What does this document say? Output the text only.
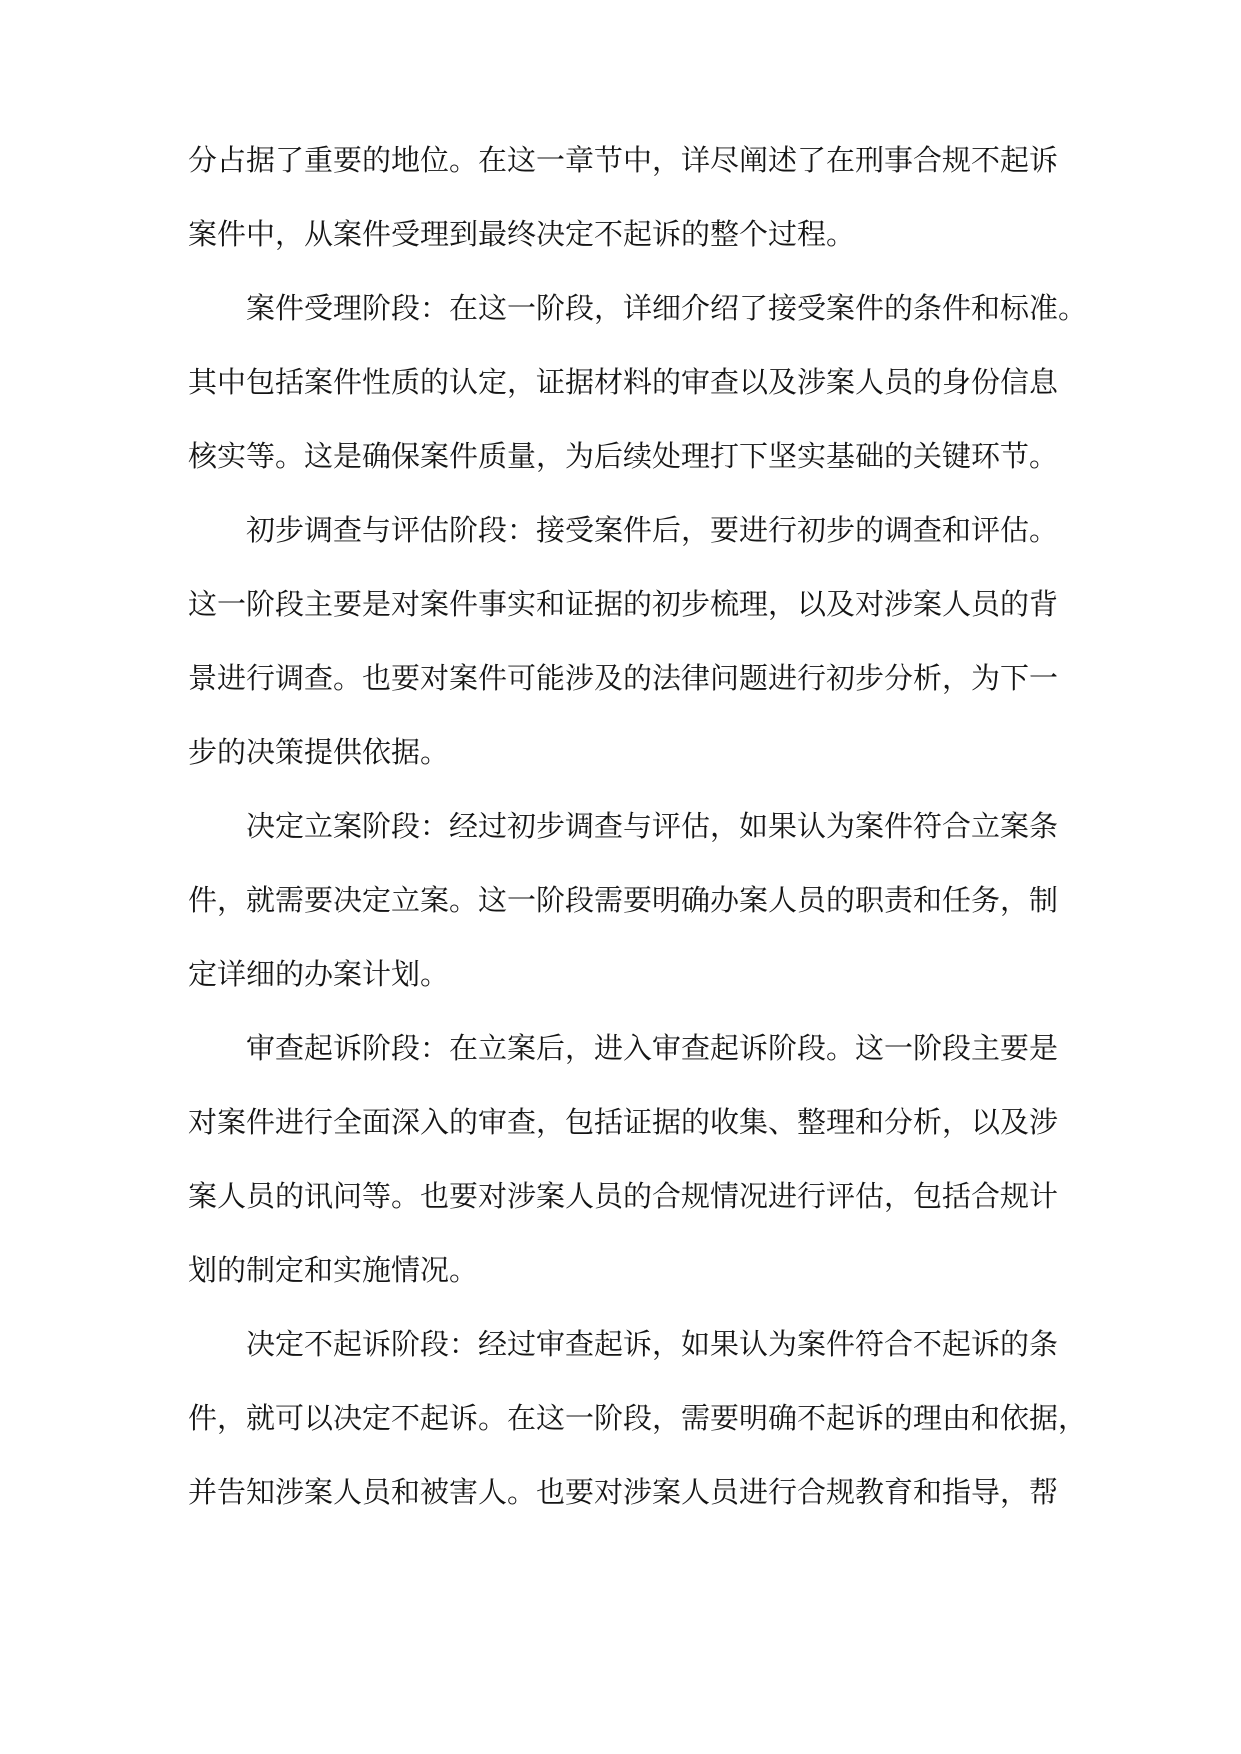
分占据了重要的地位。在这一章节中，详尽阐述了在刑事合规不起诉
案件中，从案件受理到最终决定不起诉的整个过程。
案件受理阶段：在这一阶段，详细介绍了接受案件的条件和标准。
其中包括案件性质的认定，证据材料的审查以及涉案人员的身份信息
核实等。这是确保案件质量，为后续处理打下坚实基础的关键环节。
初步调查与评估阶段：接受案件后，要进行初步的调查和评估。
这一阶段主要是对案件事实和证据的初步梳理，以及对涉案人员的背
景进行调查。也要对案件可能涉及的法律问题进行初步分析，为下一
步的决策提供依据。
决定立案阶段：经过初步调查与评估，如果认为案件符合立案条
件，就需要决定立案。这一阶段需要明确办案人员的职责和任务，制
定详细的办案计划。
审查起诉阶段：在立案后，进入审查起诉阶段。这一阶段主要是
对案件进行全面深入的审查，包括证据的收集、整理和分析，以及涉
案人员的讯问等。也要对涉案人员的合规情况进行评估，包括合规计
划的制定和实施情况。
决定不起诉阶段：经过审查起诉，如果认为案件符合不起诉的条
件，就可以决定不起诉。在这一阶段，需要明确不起诉的理由和依据，
并告知涉案人员和被害人。也要对涉案人员进行合规教育和指导，帮
